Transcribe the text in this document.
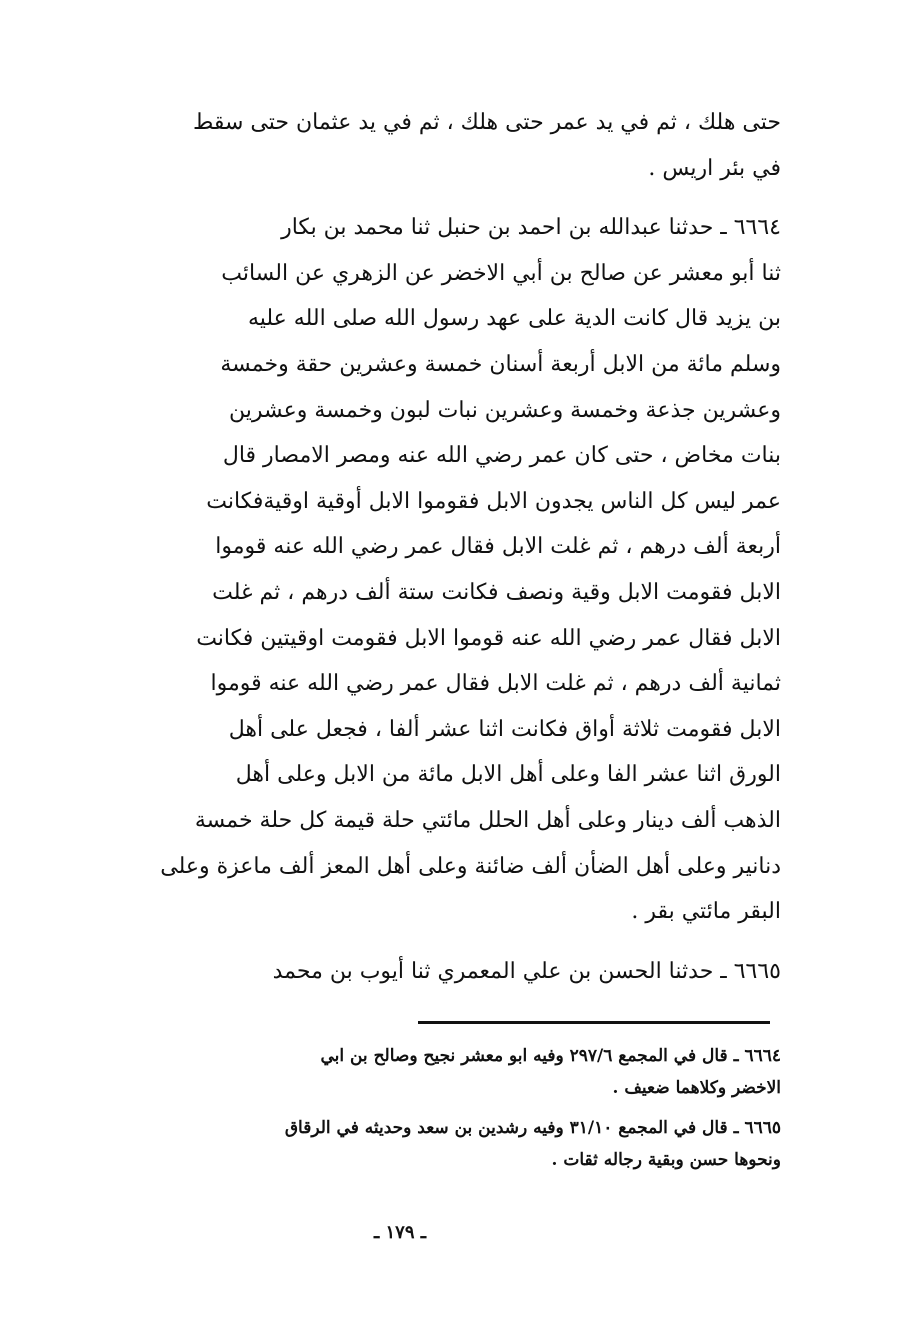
حتى هلك ، ثم في يد عمر حتى هلك ، ثم في يد عثمان حتى سقط
في بئر اريس .

٦٦٦٤ ـ حدثنا عبدالله بن احمد بن حنبل ثنا محمد بن بكار
ثنا أبو معشر عن صالح بن أبي الاخضر عن الزهري عن السائب
بن يزيد قال كانت الدية على عهد رسول الله صلى الله عليه
وسلم مائة من الابل أربعة أسنان خمسة وعشرين حقة وخمسة
وعشرين جذعة وخمسة وعشرين نبات لبون وخمسة وعشرين
بنات مخاض ، حتى كان عمر رضي الله عنه ومصر الامصار قال
عمر ليس كل الناس يجدون الابل فقوموا الابل أوقية اوقيةفكانت
أربعة ألف درهم ، ثم غلت الابل فقال عمر رضي الله عنه قوموا
الابل فقومت الابل وقية ونصف فكانت ستة ألف درهم ، ثم غلت
الابل فقال عمر رضي الله عنه قوموا الابل فقومت اوقيتين فكانت
ثمانية ألف درهم ، ثم غلت الابل فقال عمر رضي الله عنه قوموا
الابل فقومت ثلاثة أواق فكانت اثنا عشر ألفا ، فجعل على أهل
الورق اثنا عشر الفا وعلى أهل الابل مائة من الابل وعلى أهل
الذهب ألف دينار وعلى أهل الحلل مائتي حلة قيمة كل حلة خمسة
دنانير وعلى أهل الضأن ألف ضائنة وعلى أهل المعز ألف ماعزة وعلى
البقر مائتي بقر .

٦٦٦٥ ـ حدثنا الحسن بن علي المعمري ثنا أيوب بن محمد

٦٦٦٤ ـ قال في المجمع ٢٩٧/٦ وفيه ابو معشر نجيح وصالح بن ابي
الاخضر وكلاهما ضعيف .

٦٦٦٥ ـ قال في المجمع ٣١/١٠ وفيه رشدين بن سعد وحديثه في الرقاق
ونحوها حسن وبقية رجاله ثقات .

ـ ١٧٩ ـ
